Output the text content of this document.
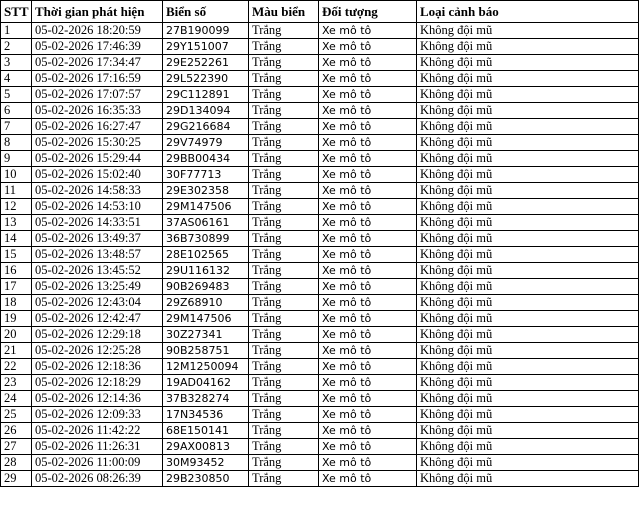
STT	Thời gian phát hiện	Biển số	Màu biển	Đối tượng	Loại cảnh báo
1	05-02-2026 18:20:59	27B190099	Trắng	Xe mô tô	Không đội mũ
2	05-02-2026 17:46:39	29Y151007	Trắng	Xe mô tô	Không đội mũ
3	05-02-2026 17:34:47	29E252261	Trắng	Xe mô tô	Không đội mũ
4	05-02-2026 17:16:59	29L522390	Trắng	Xe mô tô	Không đội mũ
5	05-02-2026 17:07:57	29C112891	Trắng	Xe mô tô	Không đội mũ
6	05-02-2026 16:35:33	29D134094	Trắng	Xe mô tô	Không đội mũ
7	05-02-2026 16:27:47	29G216684	Trắng	Xe mô tô	Không đội mũ
8	05-02-2026 15:30:25	29V74979	Trắng	Xe mô tô	Không đội mũ
9	05-02-2026 15:29:44	29BB00434	Trắng	Xe mô tô	Không đội mũ
10	05-02-2026 15:02:40	30F77713	Trắng	Xe mô tô	Không đội mũ
11	05-02-2026 14:58:33	29E302358	Trắng	Xe mô tô	Không đội mũ
12	05-02-2026 14:53:10	29M147506	Trắng	Xe mô tô	Không đội mũ
13	05-02-2026 14:33:51	37AS06161	Trắng	Xe mô tô	Không đội mũ
14	05-02-2026 13:49:37	36B730899	Trắng	Xe mô tô	Không đội mũ
15	05-02-2026 13:48:57	28E102565	Trắng	Xe mô tô	Không đội mũ
16	05-02-2026 13:45:52	29U116132	Trắng	Xe mô tô	Không đội mũ
17	05-02-2026 13:25:49	90B269483	Trắng	Xe mô tô	Không đội mũ
18	05-02-2026 12:43:04	29Z68910	Trắng	Xe mô tô	Không đội mũ
19	05-02-2026 12:42:47	29M147506	Trắng	Xe mô tô	Không đội mũ
20	05-02-2026 12:29:18	30Z27341	Trắng	Xe mô tô	Không đội mũ
21	05-02-2026 12:25:28	90B258751	Trắng	Xe mô tô	Không đội mũ
22	05-02-2026 12:18:36	12M1250094	Trắng	Xe mô tô	Không đội mũ
23	05-02-2026 12:18:29	19AD04162	Trắng	Xe mô tô	Không đội mũ
24	05-02-2026 12:14:36	37B328274	Trắng	Xe mô tô	Không đội mũ
25	05-02-2026 12:09:33	17N34536	Trắng	Xe mô tô	Không đội mũ
26	05-02-2026 11:42:22	68E150141	Trắng	Xe mô tô	Không đội mũ
27	05-02-2026 11:26:31	29AX00813	Trắng	Xe mô tô	Không đội mũ
28	05-02-2026 11:00:09	30M93452	Trắng	Xe mô tô	Không đội mũ
29	05-02-2026 08:26:39	29B230850	Trắng	Xe mô tô	Không đội mũ
